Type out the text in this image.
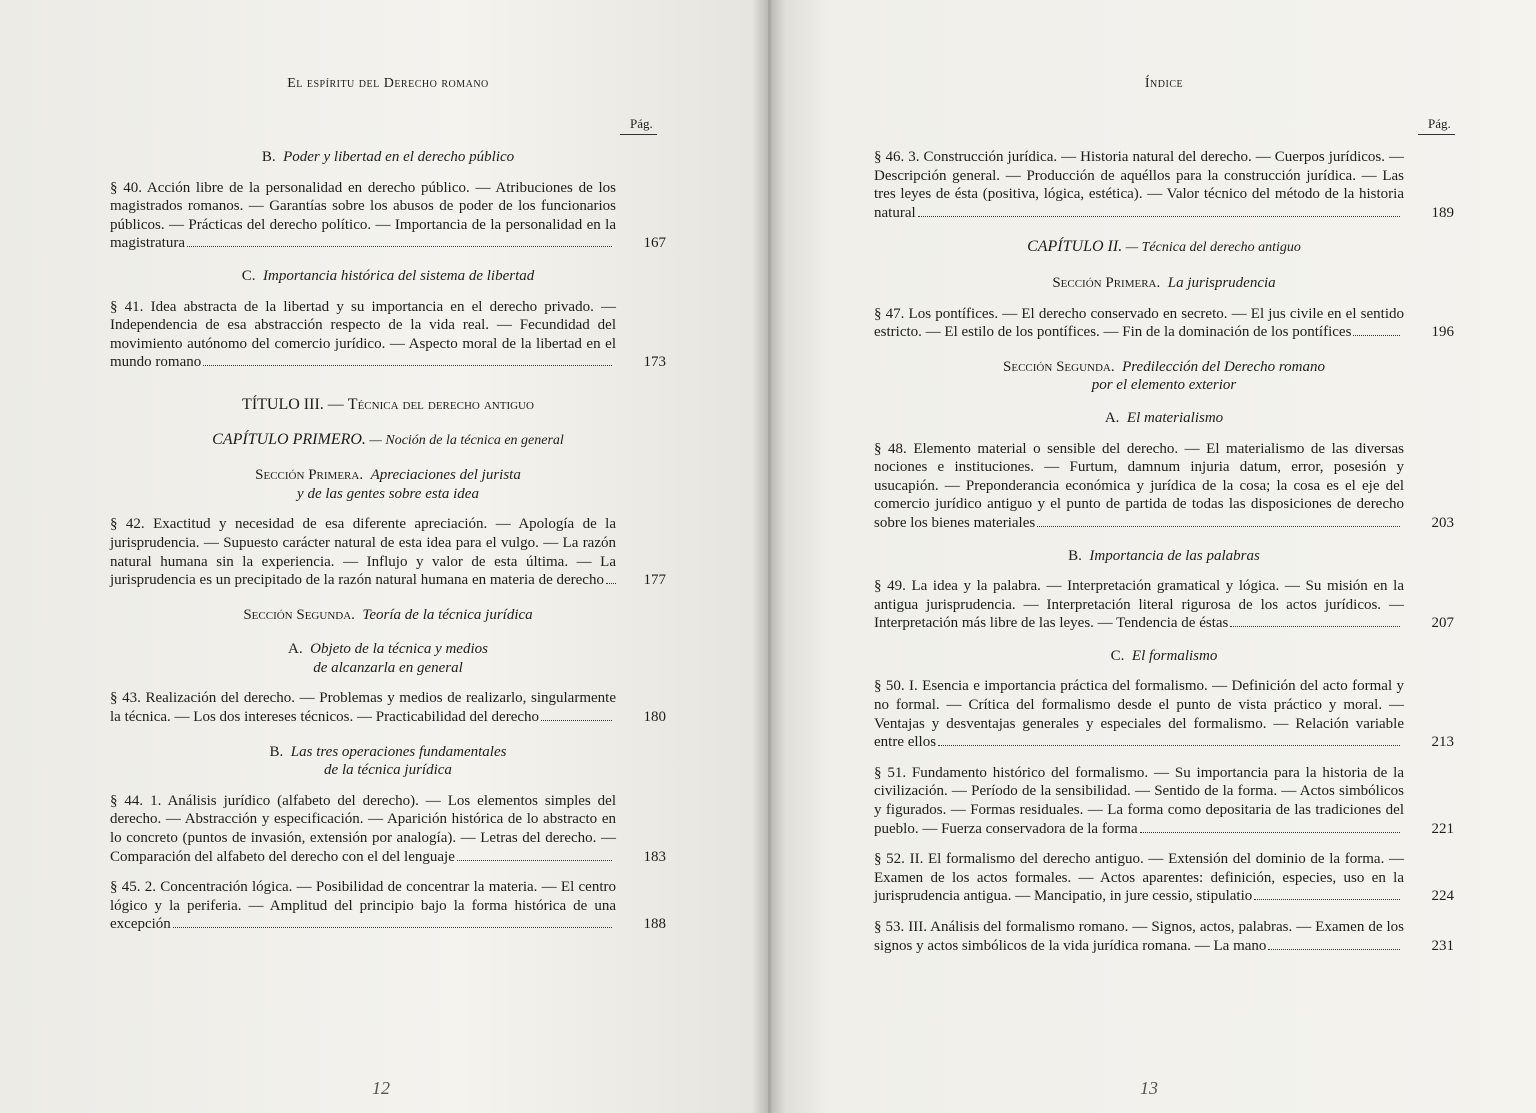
El espíritu del Derecho romano
Pág.

B. Poder y libertad en el derecho público

§ 40. Acción libre de la personalidad en derecho público. — Atribuciones de los magistrados romanos. — Garantías sobre los abusos de poder de los funcionarios públicos. — Prácticas del derecho político. — Importancia de la personalidad en la magistratura	167

C. Importancia histórica del sistema de libertad

§ 41. Idea abstracta de la libertad y su importancia en el derecho privado. — Independencia de esa abstracción respecto de la vida real. — Fecundidad del movimiento autónomo del comercio jurídico. — Aspecto moral de la libertad en el mundo romano	173

TÍTULO III. — Técnica del derecho antiguo

CAPÍTULO PRIMERO. — Noción de la técnica en general

Sección Primera. Apreciaciones del jurista
y de las gentes sobre esta idea

§ 42. Exactitud y necesidad de esa diferente apreciación. — Apología de la jurisprudencia. — Supuesto carácter natural de esta idea para el vulgo. — La razón natural humana sin la experiencia. — Influjo y valor de esta última. — La jurisprudencia es un precipitado de la razón natural humana en materia de derecho	177

Sección Segunda. Teoría de la técnica jurídica

A. Objeto de la técnica y medios
de alcanzarla en general

§ 43. Realización del derecho. — Problemas y medios de realizarlo, singularmente la técnica. — Los dos intereses técnicos. — Practicabilidad del derecho	180

B. Las tres operaciones fundamentales
de la técnica jurídica

§ 44. 1. Análisis jurídico (alfabeto del derecho). — Los elementos simples del derecho. — Abstracción y especificación. — Aparición histórica de lo abstracto en lo concreto (puntos de invasión, extensión por analogía). — Letras del derecho. — Comparación del alfabeto del derecho con el del lenguaje	183
§ 45. 2. Concentración lógica. — Posibilidad de concentrar la materia. — El centro lógico y la periferia. — Amplitud del principio bajo la forma histórica de una excepción	188
12
Índice
Pág.
§ 46. 3. Construcción jurídica. — Historia natural del derecho. — Cuerpos jurídicos. — Descripción general. — Producción de aquéllos para la construcción jurídica. — Las tres leyes de ésta (positiva, lógica, estética). — Valor técnico del método de la historia natural	189

CAPÍTULO II. — Técnica del derecho antiguo

Sección Primera. La jurisprudencia

§ 47. Los pontífices. — El derecho conservado en secreto. — El jus civile en el sentido estricto. — El estilo de los pontífices. — Fin de la dominación de los pontífices	196

Sección Segunda. Predilección del Derecho romano
por el elemento exterior

A. El materialismo

§ 48. Elemento material o sensible del derecho. — El materialismo de las diversas nociones e instituciones. — Furtum, damnum injuria datum, error, posesión y usucapión. — Preponderancia económica y jurídica de la cosa; la cosa es el eje del comercio jurídico antiguo y el punto de partida de todas las disposiciones de derecho sobre los bienes materiales	203

B. Importancia de las palabras

§ 49. La idea y la palabra. — Interpretación gramatical y lógica. — Su misión en la antigua jurisprudencia. — Interpretación literal rigurosa de los actos jurídicos. — Interpretación más libre de las leyes. — Tendencia de éstas	207

C. El formalismo

§ 50. I. Esencia e importancia práctica del formalismo. — Definición del acto formal y no formal. — Crítica del formalismo desde el punto de vista práctico y moral. — Ventajas y desventajas generales y especiales del formalismo. — Relación variable entre ellos	213
§ 51. Fundamento histórico del formalismo. — Su importancia para la historia de la civilización. — Período de la sensibilidad. — Sentido de la forma. — Actos simbólicos y figurados. — Formas residuales. — La forma como depositaria de las tradiciones del pueblo. — Fuerza conservadora de la forma	221
§ 52. II. El formalismo del derecho antiguo. — Extensión del dominio de la forma. — Examen de los actos formales. — Actos aparentes: definición, especies, uso en la jurisprudencia antigua. — Mancipatio, in jure cessio, stipulatio	224
§ 53. III. Análisis del formalismo romano. — Signos, actos, palabras. — Examen de los signos y actos simbólicos de la vida jurídica romana. — La mano	231
13
